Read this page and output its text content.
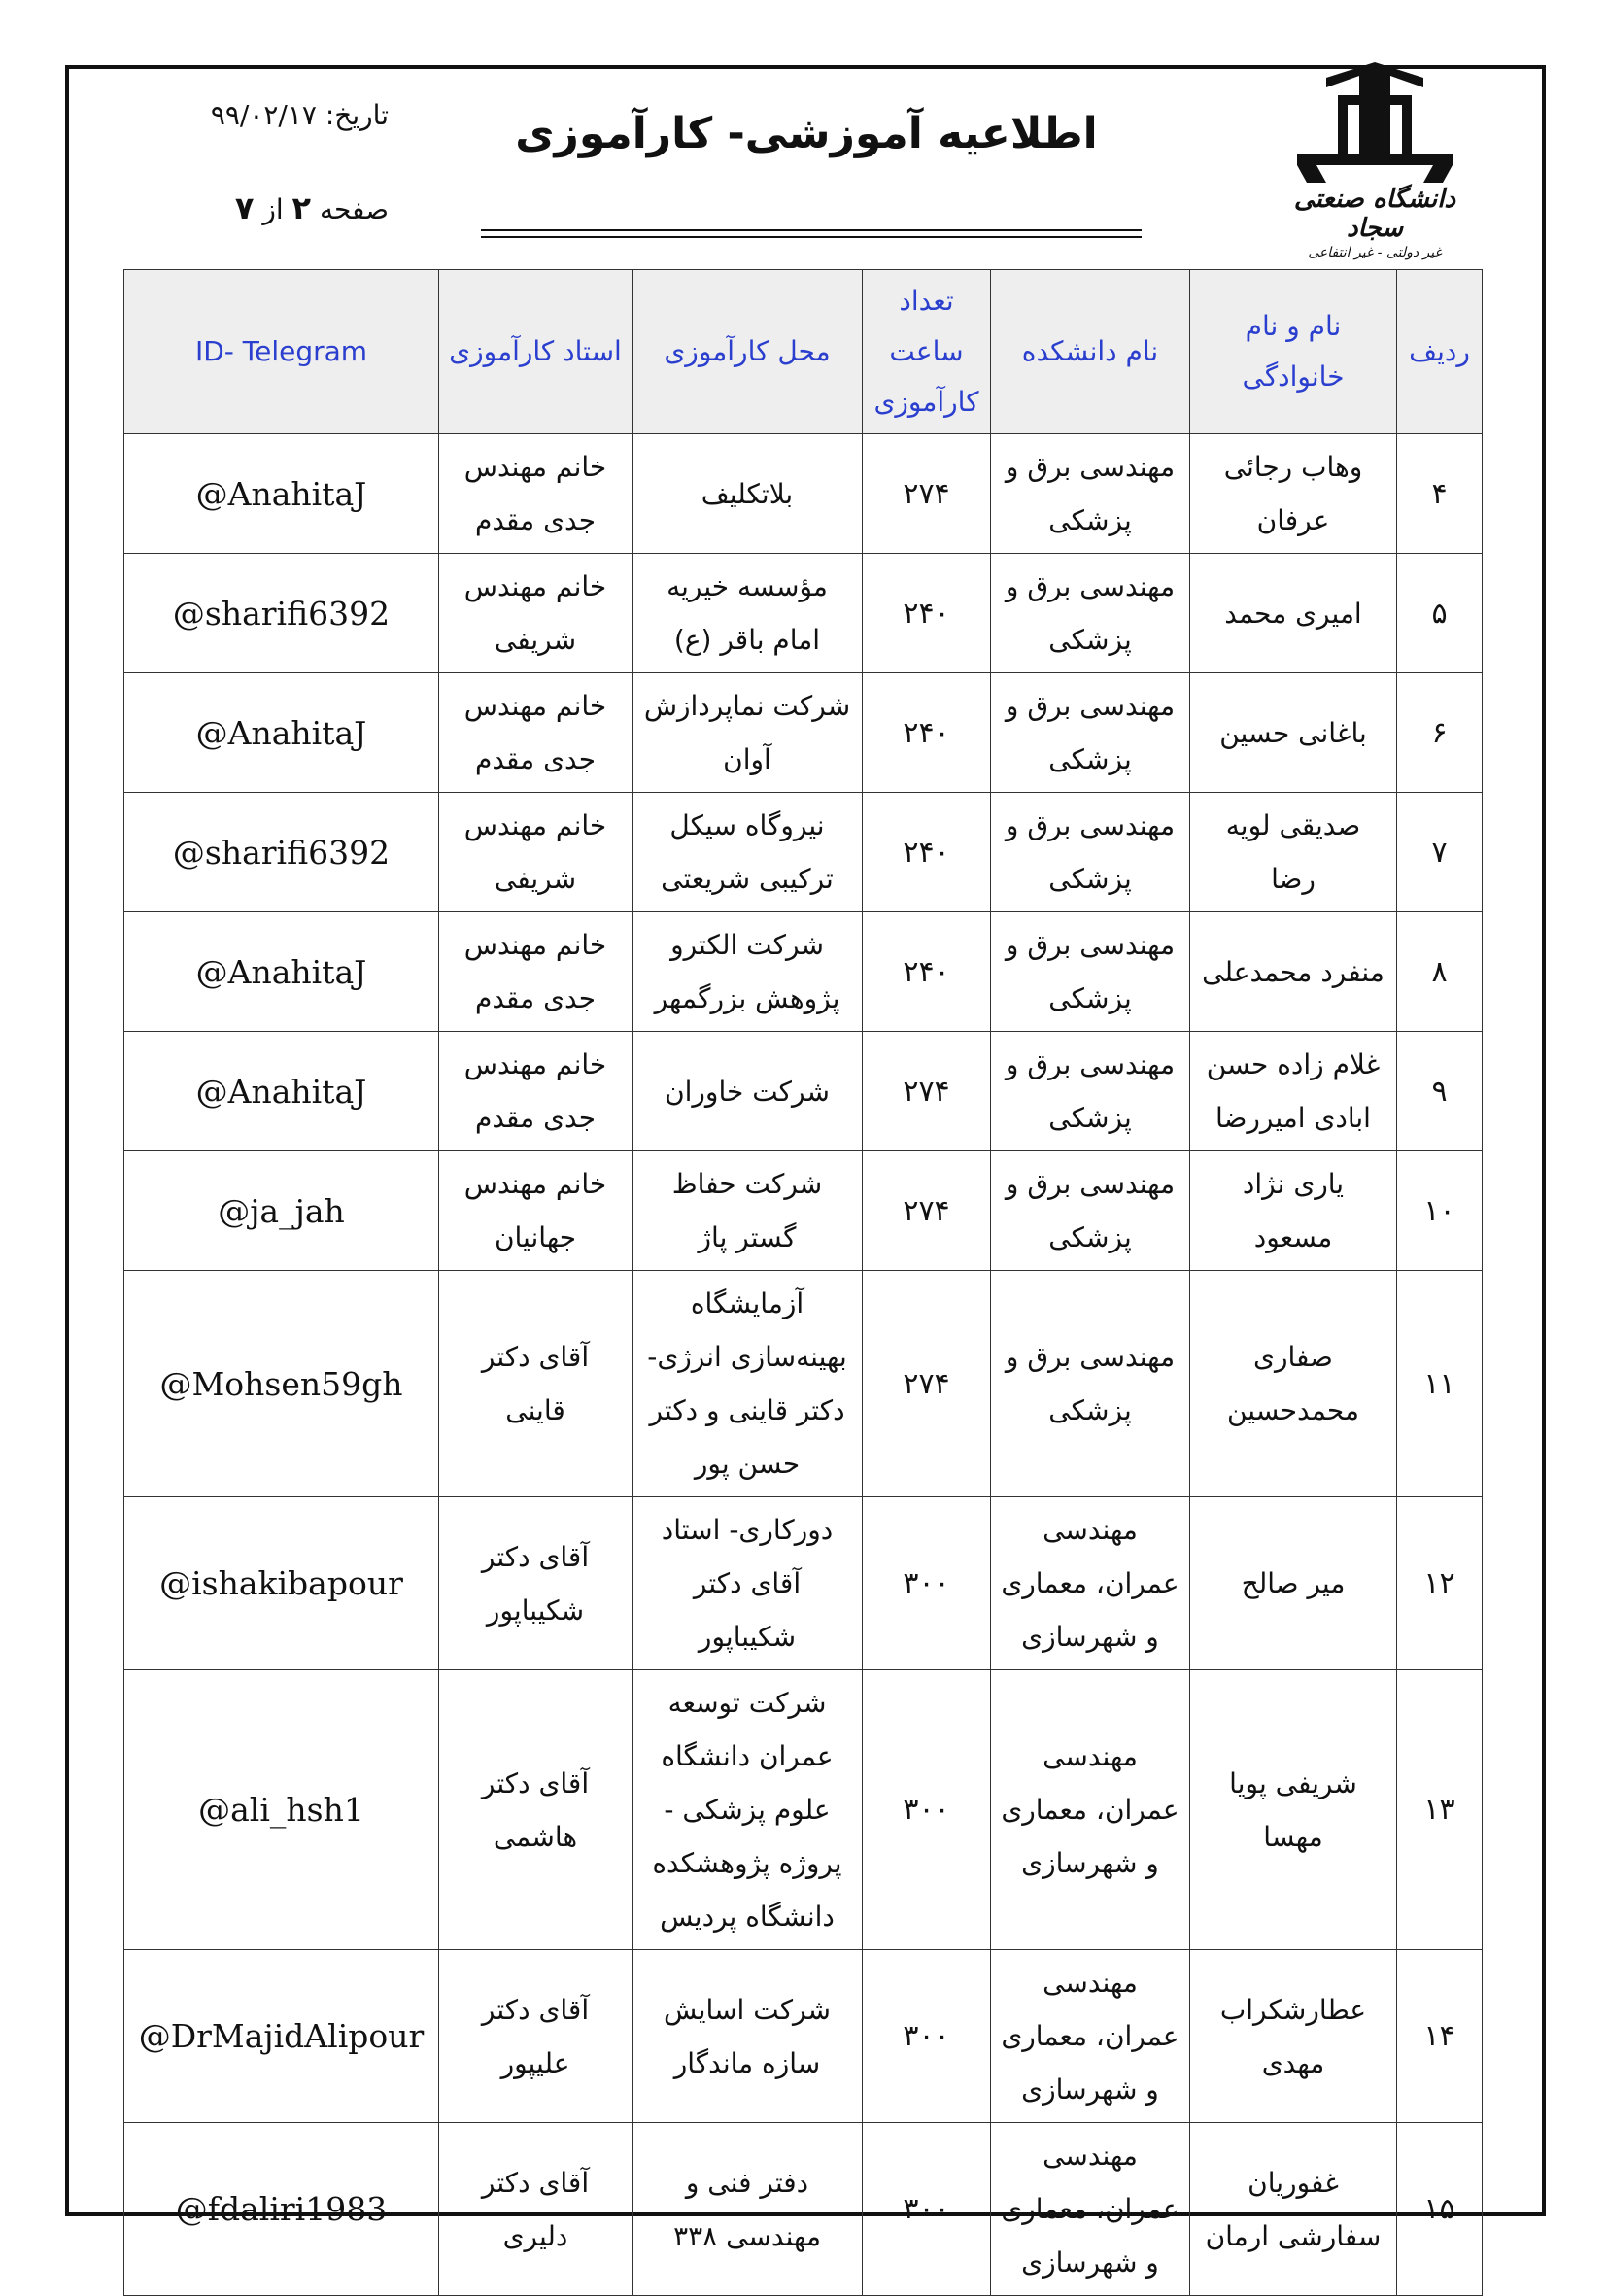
دانشگاه صنعتی سجاد
غیر دولتی - غیر انتفاعی
اطلاعیه آموزشی- کارآموزی
تاریخ: ۹۹/۰۲/۱۷
صفحه ۲ از ۷
ردیف	نام و نام خانوادگی	نام دانشکده	تعداد ساعت کارآموزی	محل کارآموزی	استاد کارآموزی	ID- Telegram
۴	وهاب رجائی عرفان	مهندسی برق و پزشکی	۲۷۴	بلاتکلیف	خانم مهندس جدی مقدم	@AnahitaJ
۵	امیری محمد	مهندسی برق و پزشکی	۲۴۰	مؤسسه خیریه امام باقر (ع)	خانم مهندس شریفی	@sharifi6392
۶	باغانی حسین	مهندسی برق و پزشکی	۲۴۰	شرکت نماپردازش آوان	خانم مهندس جدی مقدم	@AnahitaJ
۷	صدیقی لویه رضا	مهندسی برق و پزشکی	۲۴۰	نیروگاه سیکل ترکیبی شریعتی	خانم مهندس شریفی	@sharifi6392
۸	منفرد محمدعلی	مهندسی برق و پزشکی	۲۴۰	شرکت الکترو پژوهش بزرگمهر	خانم مهندس جدی مقدم	@AnahitaJ
۹	غلام زاده حسن ابادی امیررضا	مهندسی برق و پزشکی	۲۷۴	شرکت خاوران	خانم مهندس جدی مقدم	@AnahitaJ
۱۰	یاری نژاد مسعود	مهندسی برق و پزشکی	۲۷۴	شرکت حفاظ گستر پاژ	خانم مهندس جهانیان	@ja_jah
۱۱	صفاری محمدحسین	مهندسی برق و پزشکی	۲۷۴	آزمایشگاه بهینه‌سازی انرژی- دکتر قاینی و دکتر حسن پور	آقای دکتر قاینی	@Mohsen59gh
۱۲	میر صالح	مهندسی عمران، معماری و شهرسازی	۳۰۰	دورکاری- استاد آقای دکتر شکیباپور	آقای دکتر شکیباپور	@ishakibapour
۱۳	شریفی پویا مهسا	مهندسی عمران، معماری و شهرسازی	۳۰۰	شرکت توسعه عمران دانشگاه علوم پزشکی - پروژه پژوهشکده دانشگاه پردیس	آقای دکتر هاشمی	@ali_hsh1
۱۴	عطارشکراب مهدی	مهندسی عمران، معماری و شهرسازی	۳۰۰	شرکت اسایش سازه ماندگار	آقای دکتر علیپور	@DrMajidAlipour
۱۵	غفوریان سفارشی ارمان	مهندسی عمران، معماری و شهرسازی	۳۰۰	دفتر فنی و مهندسی ۳۳۸	آقای دکتر دلیری	@fdaliri1983
